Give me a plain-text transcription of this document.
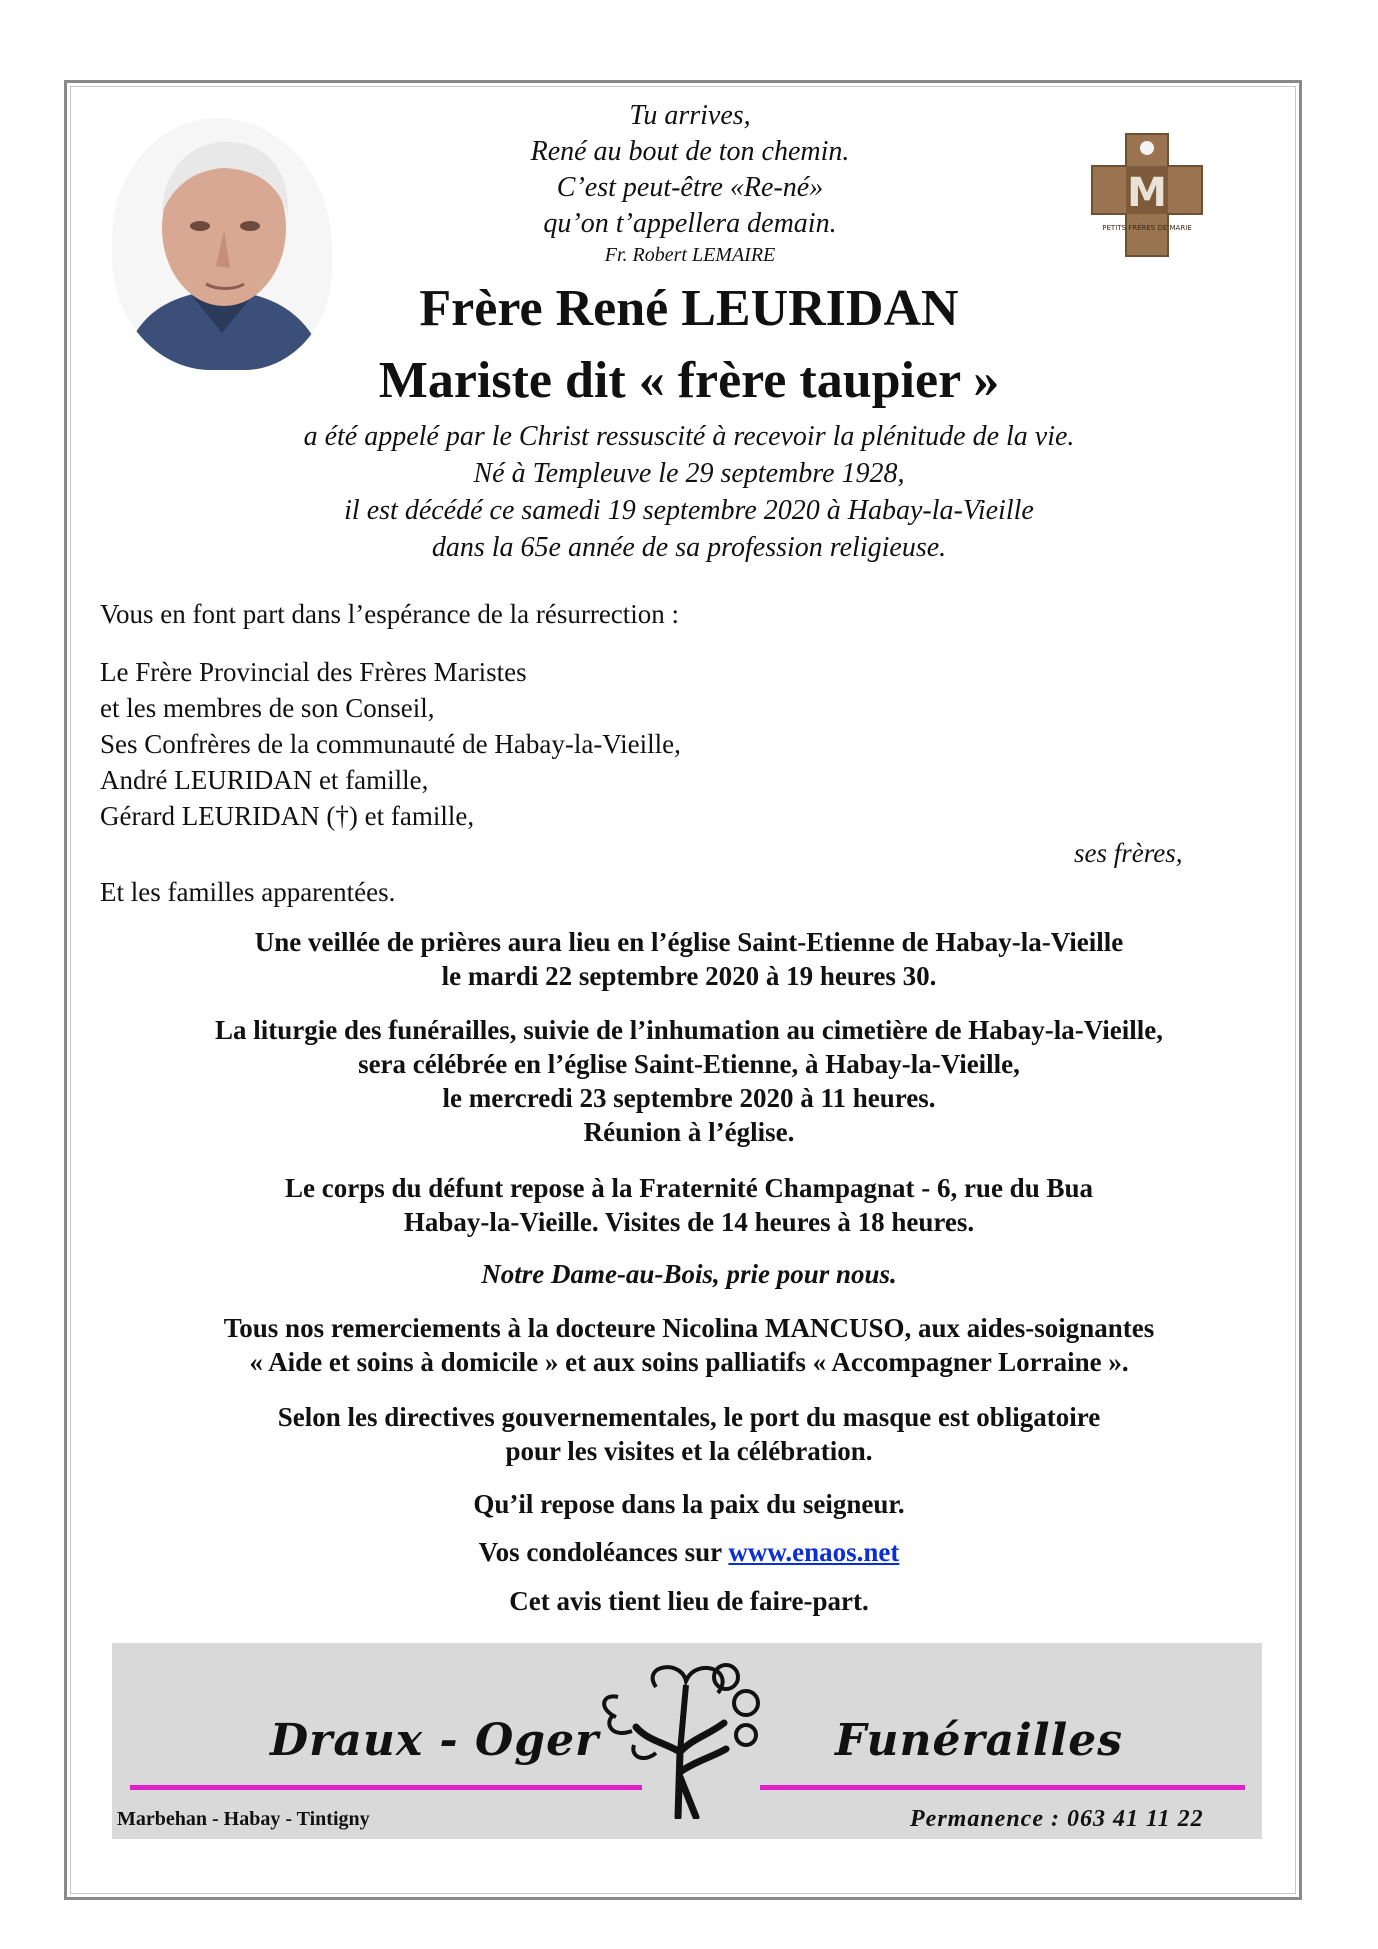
M
PETITS FRÈRES DE MARIE
Tu arrives,
René au bout de ton chemin.
C’est peut-être «Re-né»
qu’on t’appellera demain.
Fr. Robert LEMAIRE
Frère René LEURIDAN
Mariste dit « frère taupier »
a été appelé par le Christ ressuscité à recevoir la plénitude de la vie.
Né à Templeuve le 29 septembre 1928,
il est décédé ce samedi 19 septembre 2020 à Habay-la-Vieille
dans la 65e année de sa profession religieuse.
Vous en font part dans l’espérance de la résurrection :
Le Frère Provincial des Frères Maristes
et les membres de son Conseil,
Ses Confrères de la communauté de Habay-la-Vieille,
André LEURIDAN et famille,
Gérard LEURIDAN (†) et famille,
ses frères,
Et les familles apparentées.
Une veillée de prières aura lieu en l’église Saint-Etienne de Habay-la-Vieille
le mardi 22 septembre 2020 à 19 heures 30.
La liturgie des funérailles, suivie de l’inhumation au cimetière de Habay-la-Vieille,
sera célébrée en l’église Saint-Etienne, à Habay-la-Vieille,
le mercredi 23 septembre 2020 à 11 heures.
Réunion à l’église.
Le corps du défunt repose à la Fraternité Champagnat - 6, rue du Bua
Habay-la-Vieille. Visites de 14 heures à 18 heures.
Notre Dame-au-Bois, prie pour nous.
Tous nos remerciements à la docteure Nicolina MANCUSO, aux aides-soignantes
« Aide et soins à domicile » et aux soins palliatifs « Accompagner Lorraine ».
Selon les directives gouvernementales, le port du masque est obligatoire
pour les visites et la célébration.
Qu’il repose dans la paix du seigneur.
Vos condoléances sur www.enaos.net
Cet avis tient lieu de faire-part.
Draux - Oger	Funérailles
Marbehan - Habay - Tintigny	Permanence : 063 41 11 22
